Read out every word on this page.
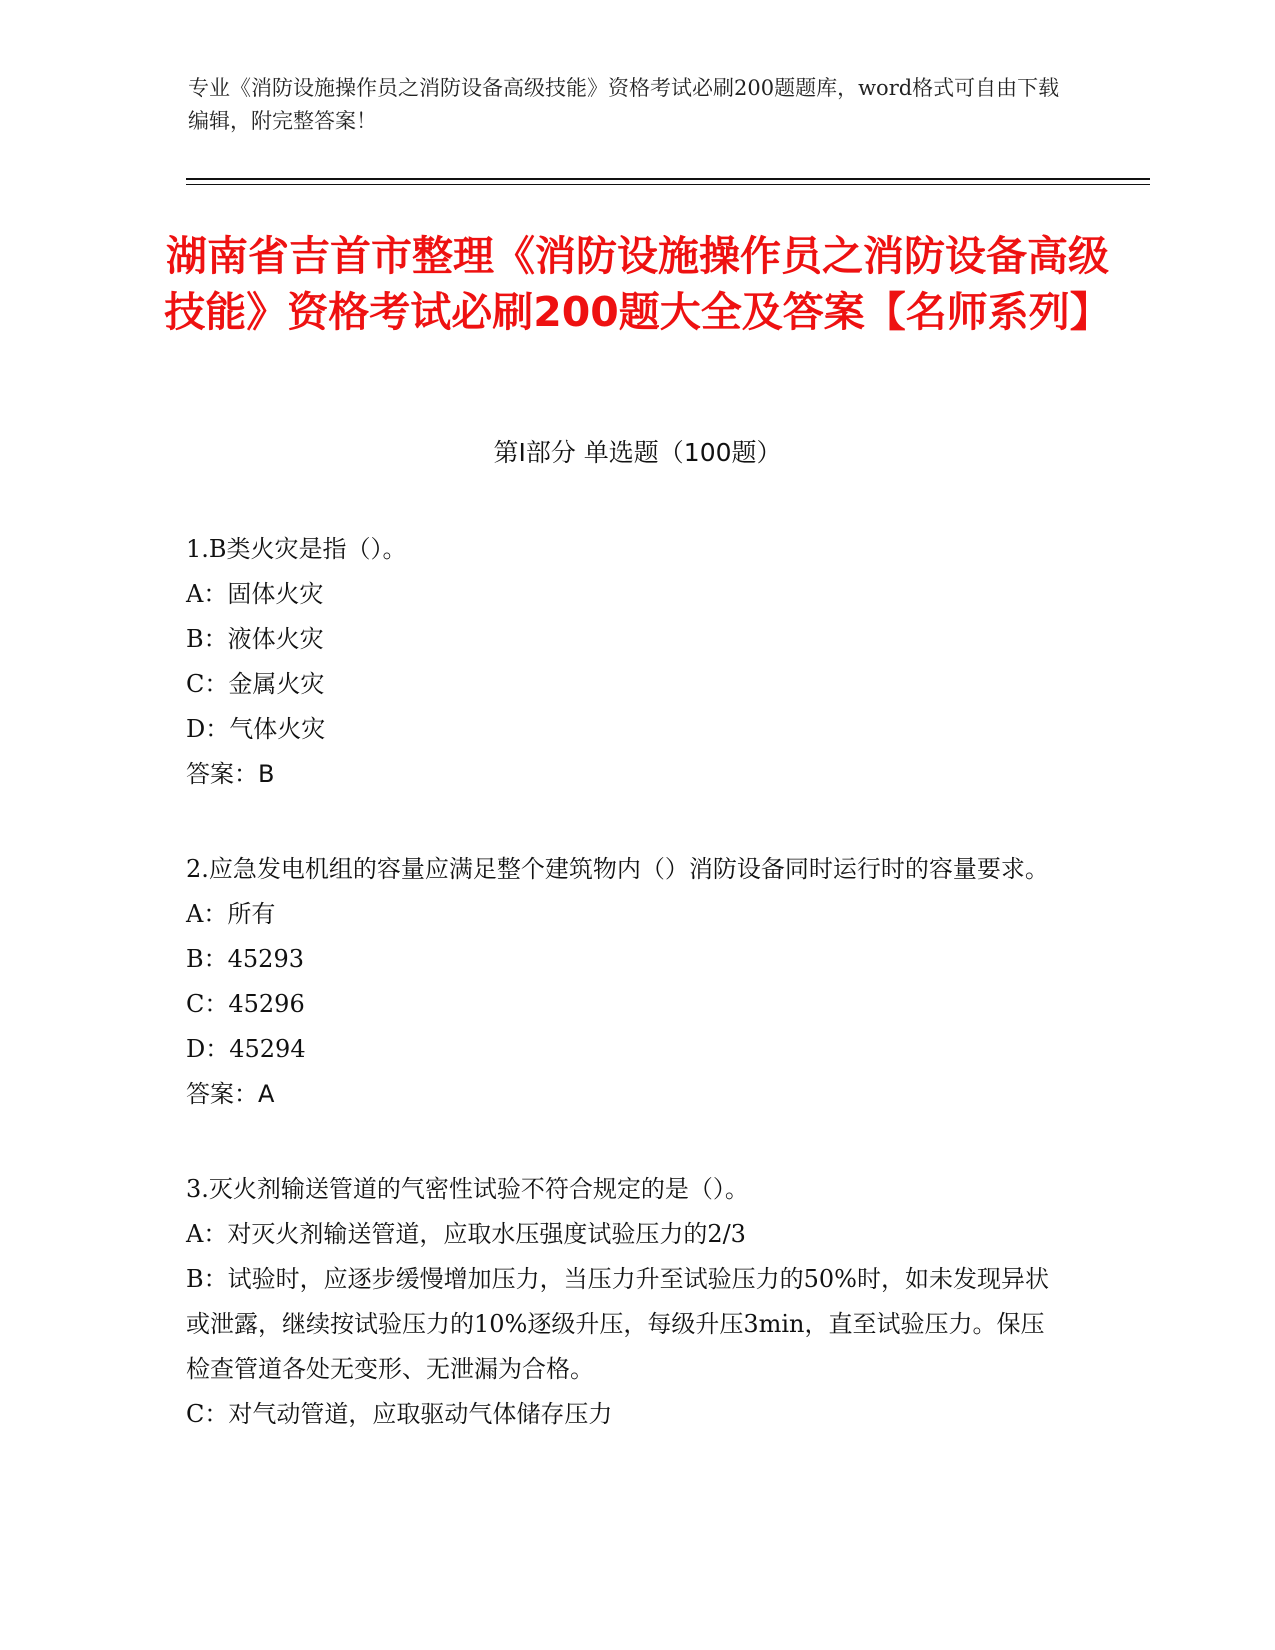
专业《消防设施操作员之消防设备高级技能》资格考试必刷200题题库，word格式可自由下载编辑，附完整答案！
湖南省吉首市整理《消防设施操作员之消防设备高级技能》资格考试必刷200题大全及答案【名师系列】
第Ⅰ部分 单选题（100题）
1.B类火灾是指（）。
A：固体火灾
B：液体火灾
C：金属火灾
D：气体火灾
答案：B
2.应急发电机组的容量应满足整个建筑物内（）消防设备同时运行时的容量要求。
A：所有
B：45293
C：45296
D：45294
答案：A
3.灭火剂输送管道的气密性试验不符合规定的是（）。
A：对灭火剂输送管道，应取水压强度试验压力的2/3
B：试验时，应逐步缓慢增加压力，当压力升至试验压力的50%时，如未发现异状或泄露，继续按试验压力的10%逐级升压，每级升压3min，直至试验压力。保压检查管道各处无变形、无泄漏为合格。
C：对气动管道，应取驱动气体储存压力
